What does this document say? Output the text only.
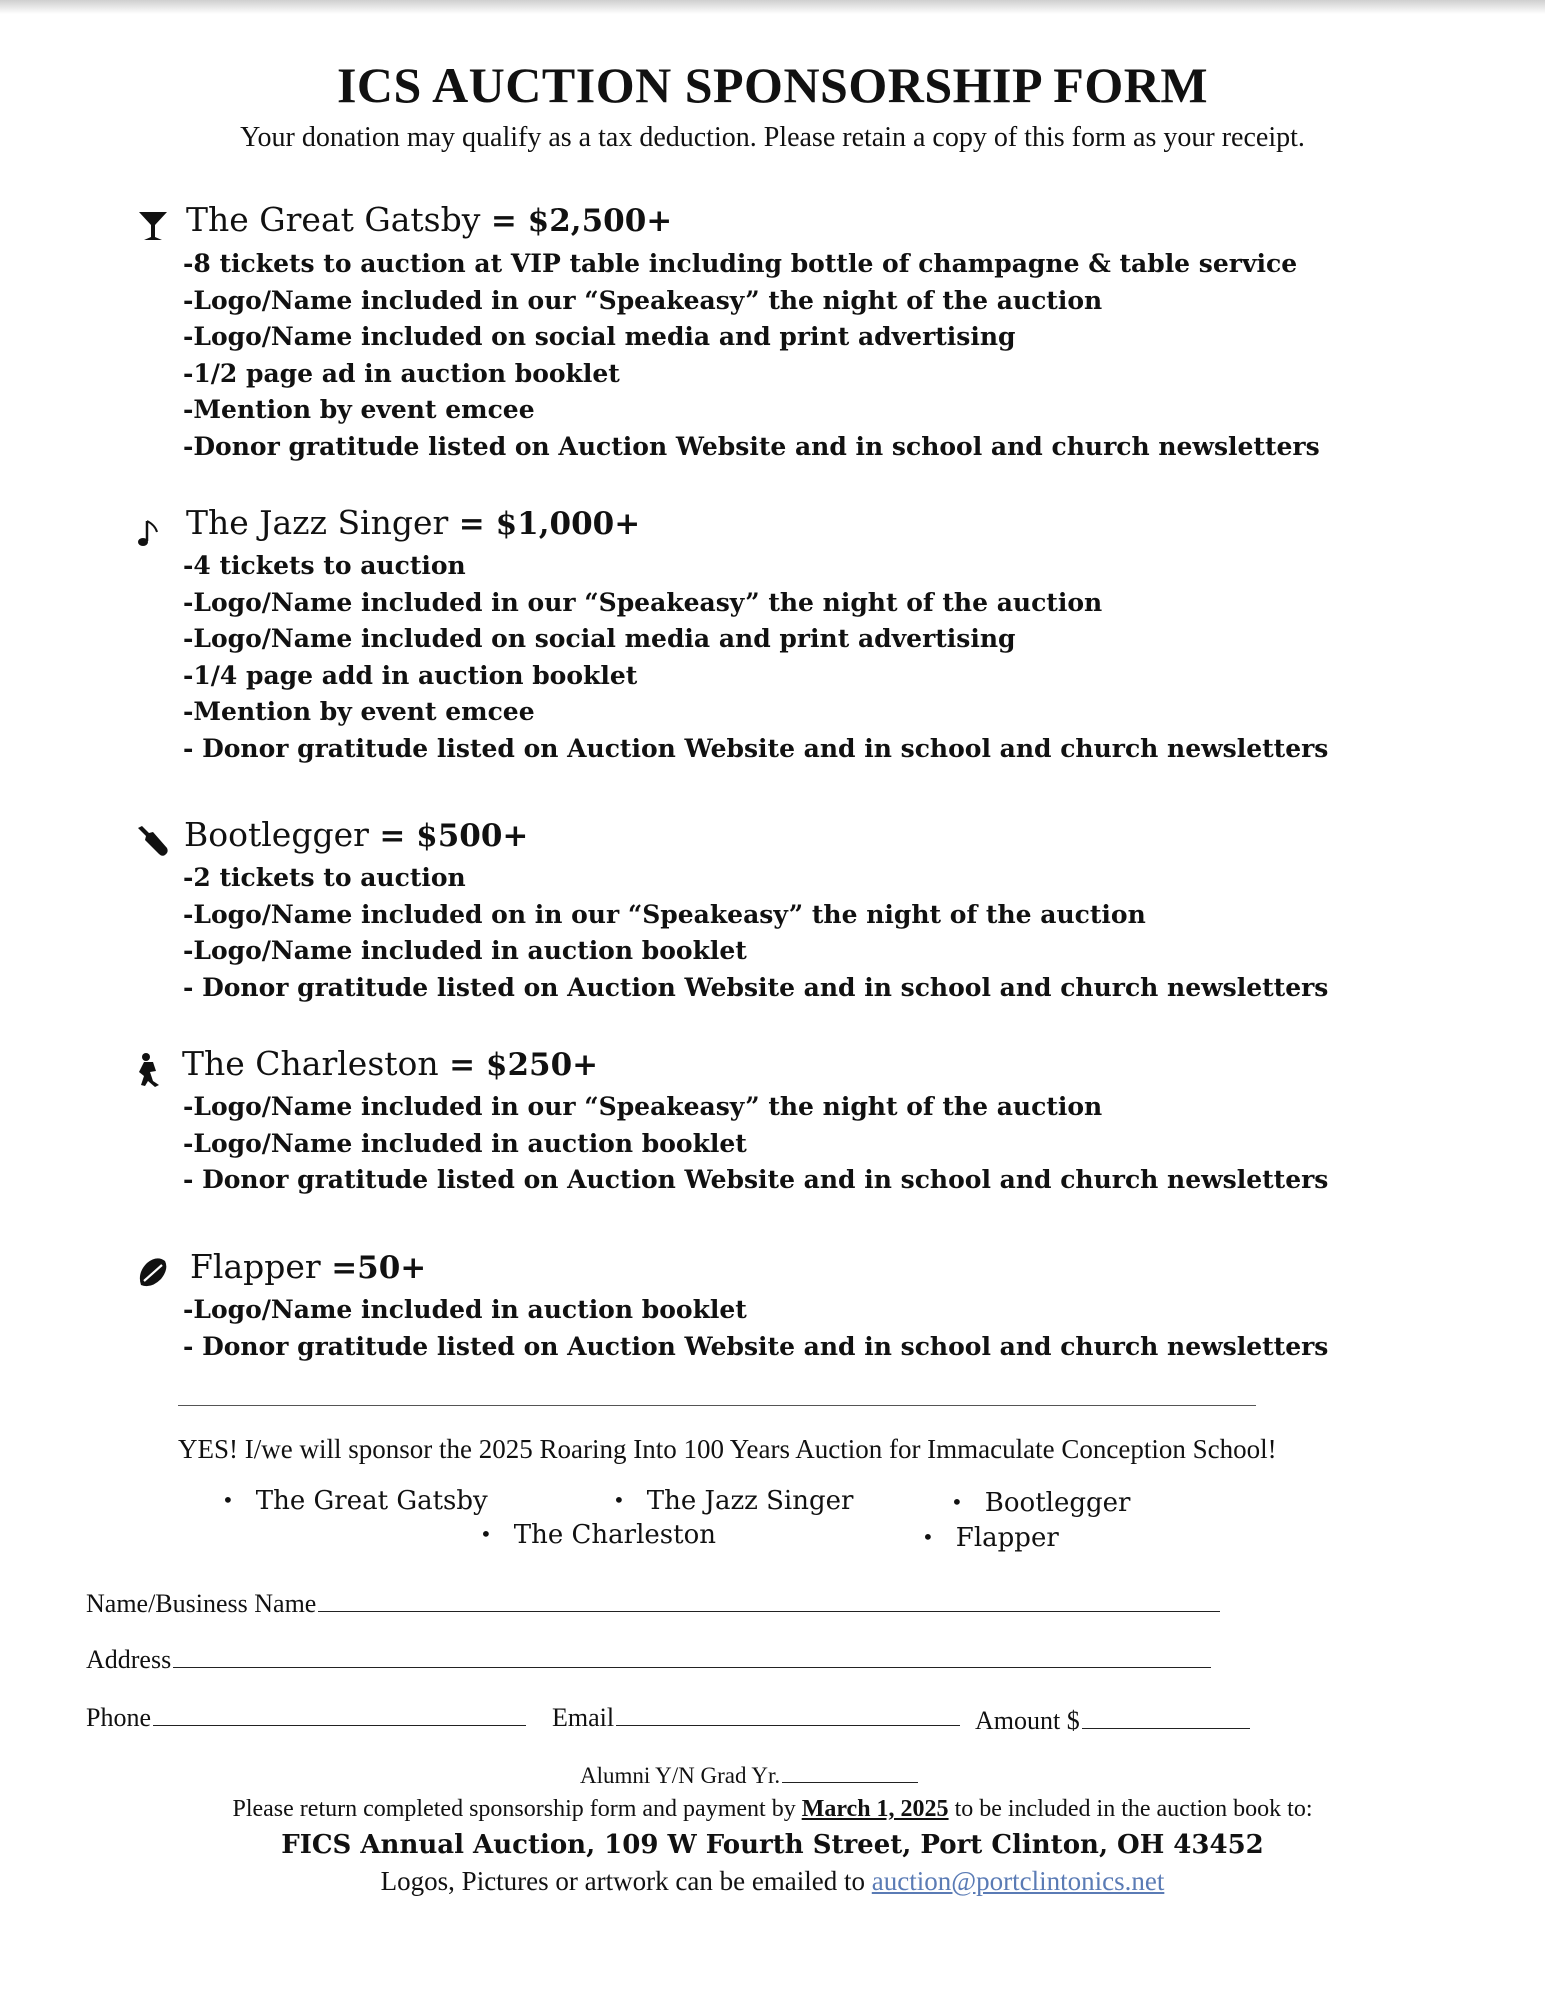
ICS AUCTION SPONSORSHIP FORM
Your donation may qualify as a tax deduction. Please retain a copy of this form as your receipt.
The Great Gatsby = $2,500+
-8 tickets to auction at VIP table including bottle of champagne & table service
-Logo/Name included in our “Speakeasy” the night of the auction
-Logo/Name included on social media and print advertising
-1/2 page ad in auction booklet
-Mention by event emcee
-Donor gratitude listed on Auction Website and in school and church newsletters
The Jazz Singer = $1,000+
-4 tickets to auction
-Logo/Name included in our “Speakeasy” the night of the auction
-Logo/Name included on social media and print advertising
-1/4 page add in auction booklet
-Mention by event emcee
- Donor gratitude listed on Auction Website and in school and church newsletters
Bootlegger = $500+
-2 tickets to auction
-Logo/Name included on in our “Speakeasy” the night of the auction
-Logo/Name included in auction booklet
- Donor gratitude listed on Auction Website and in school and church newsletters
The Charleston = $250+
-Logo/Name included in our “Speakeasy” the night of the auction
-Logo/Name included in auction booklet
- Donor gratitude listed on Auction Website and in school and church newsletters
Flapper =50+
-Logo/Name included in auction booklet
- Donor gratitude listed on Auction Website and in school and church newsletters
YES! I/we will sponsor the 2025 Roaring Into 100 Years Auction for Immaculate Conception School!
• The Great Gatsby	• The Jazz Singer	• Bootlegger
• The Charleston	• Flapper
Name/Business Name
Address
Phone	Email	Amount $
Alumni Y/N Grad Yr.
Please return completed sponsorship form and payment by March 1, 2025 to be included in the auction book to:
FICS Annual Auction, 109 W Fourth Street, Port Clinton, OH 43452
Logos, Pictures or artwork can be emailed to auction@portclintonics.net
